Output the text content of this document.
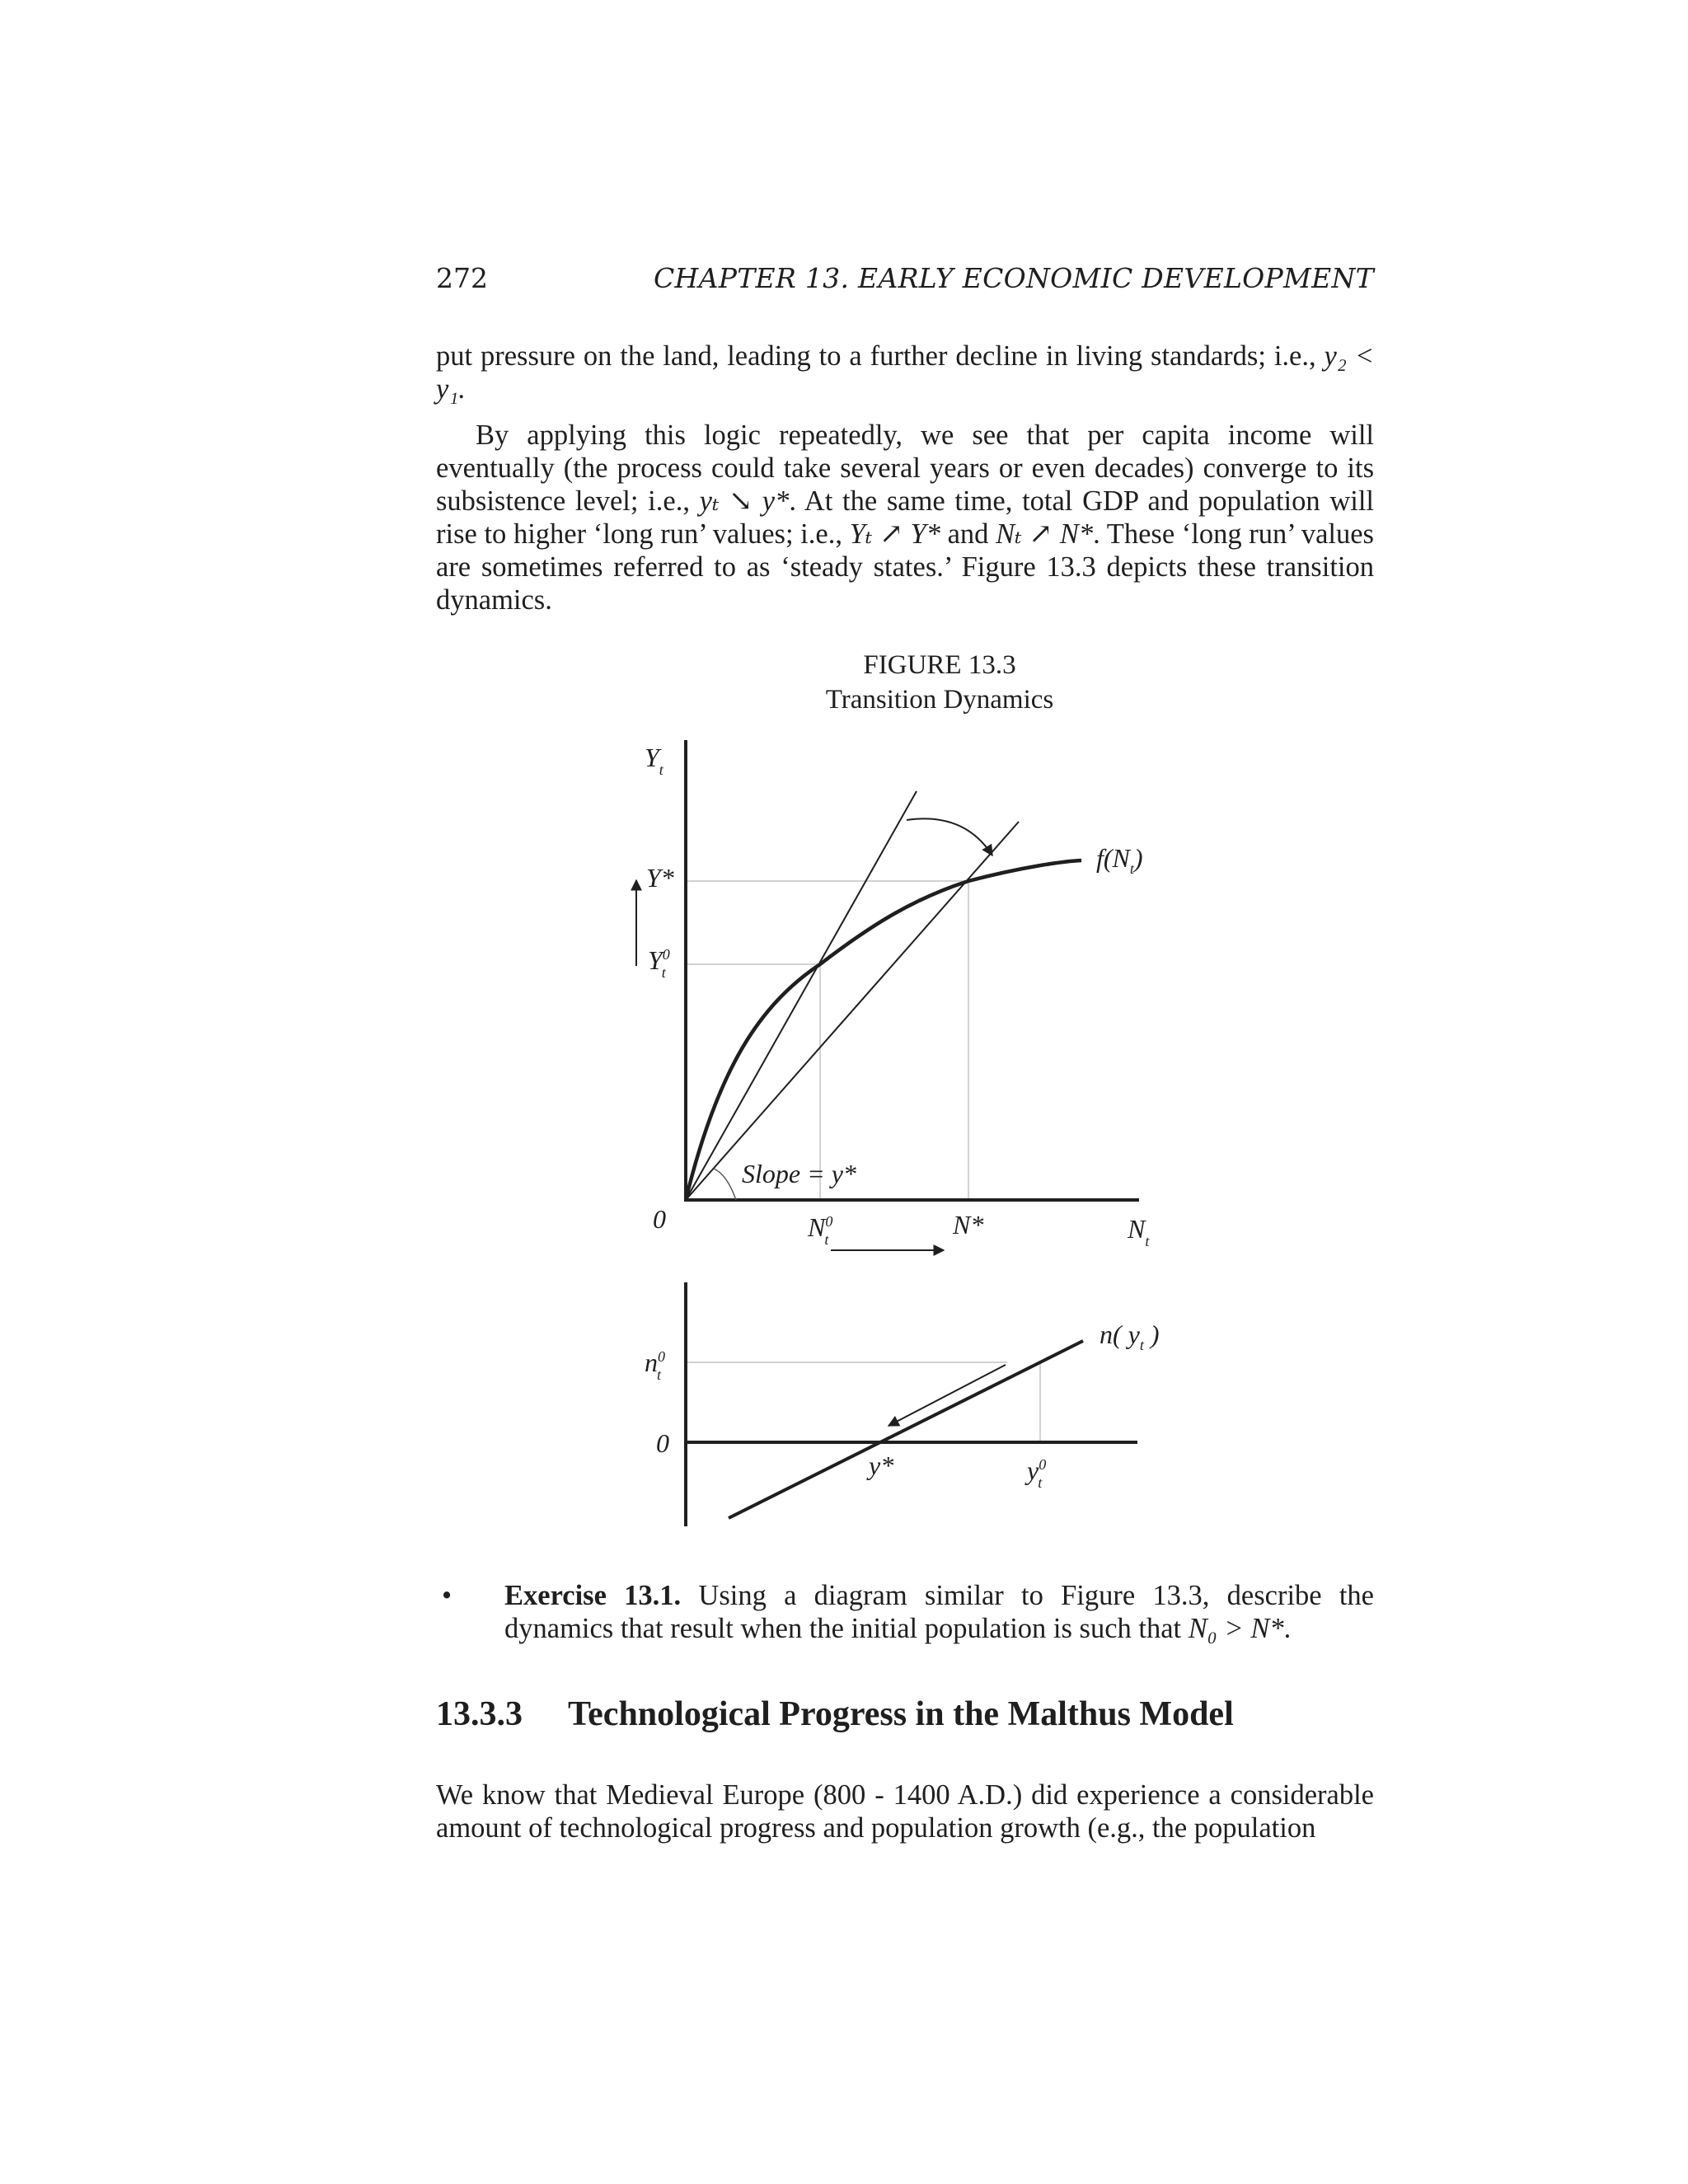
272	CHAPTER 13. EARLY ECONOMIC DEVELOPMENT

put pressure on the land, leading to a further decline in living standards; i.e., y₂ < y₁.

By applying this logic repeatedly, we see that per capita income will eventually (the process could take several years or even decades) converge to its subsistence level; i.e., yₜ ↘ y*. At the same time, total GDP and population will rise to higher ‘long run’ values; i.e., Yₜ ↗ Y* and Nₜ ↗ N*. These ‘long run’ values are sometimes referred to as ‘steady states.’ Figure 13.3 depicts these transition dynamics.

FIGURE 13.3
Transition Dynamics
$Y_t$
Y*
$Y^0$ t
0	$N^0$ t	N*	$N_t$
$f(N_t)$
Slope = y*
$n^0$ t
0
y*	$y^0$ t
n( $y_t$ )
•	Exercise 13.1. Using a diagram similar to Figure 13.3, describe the dynamics that result when the initial population is such that N₀ > N*.
13.3.3 Technological Progress in the Malthus Model

We know that Medieval Europe (800 - 1400 A.D.) did experience a considerable amount of technological progress and population growth (e.g., the population
